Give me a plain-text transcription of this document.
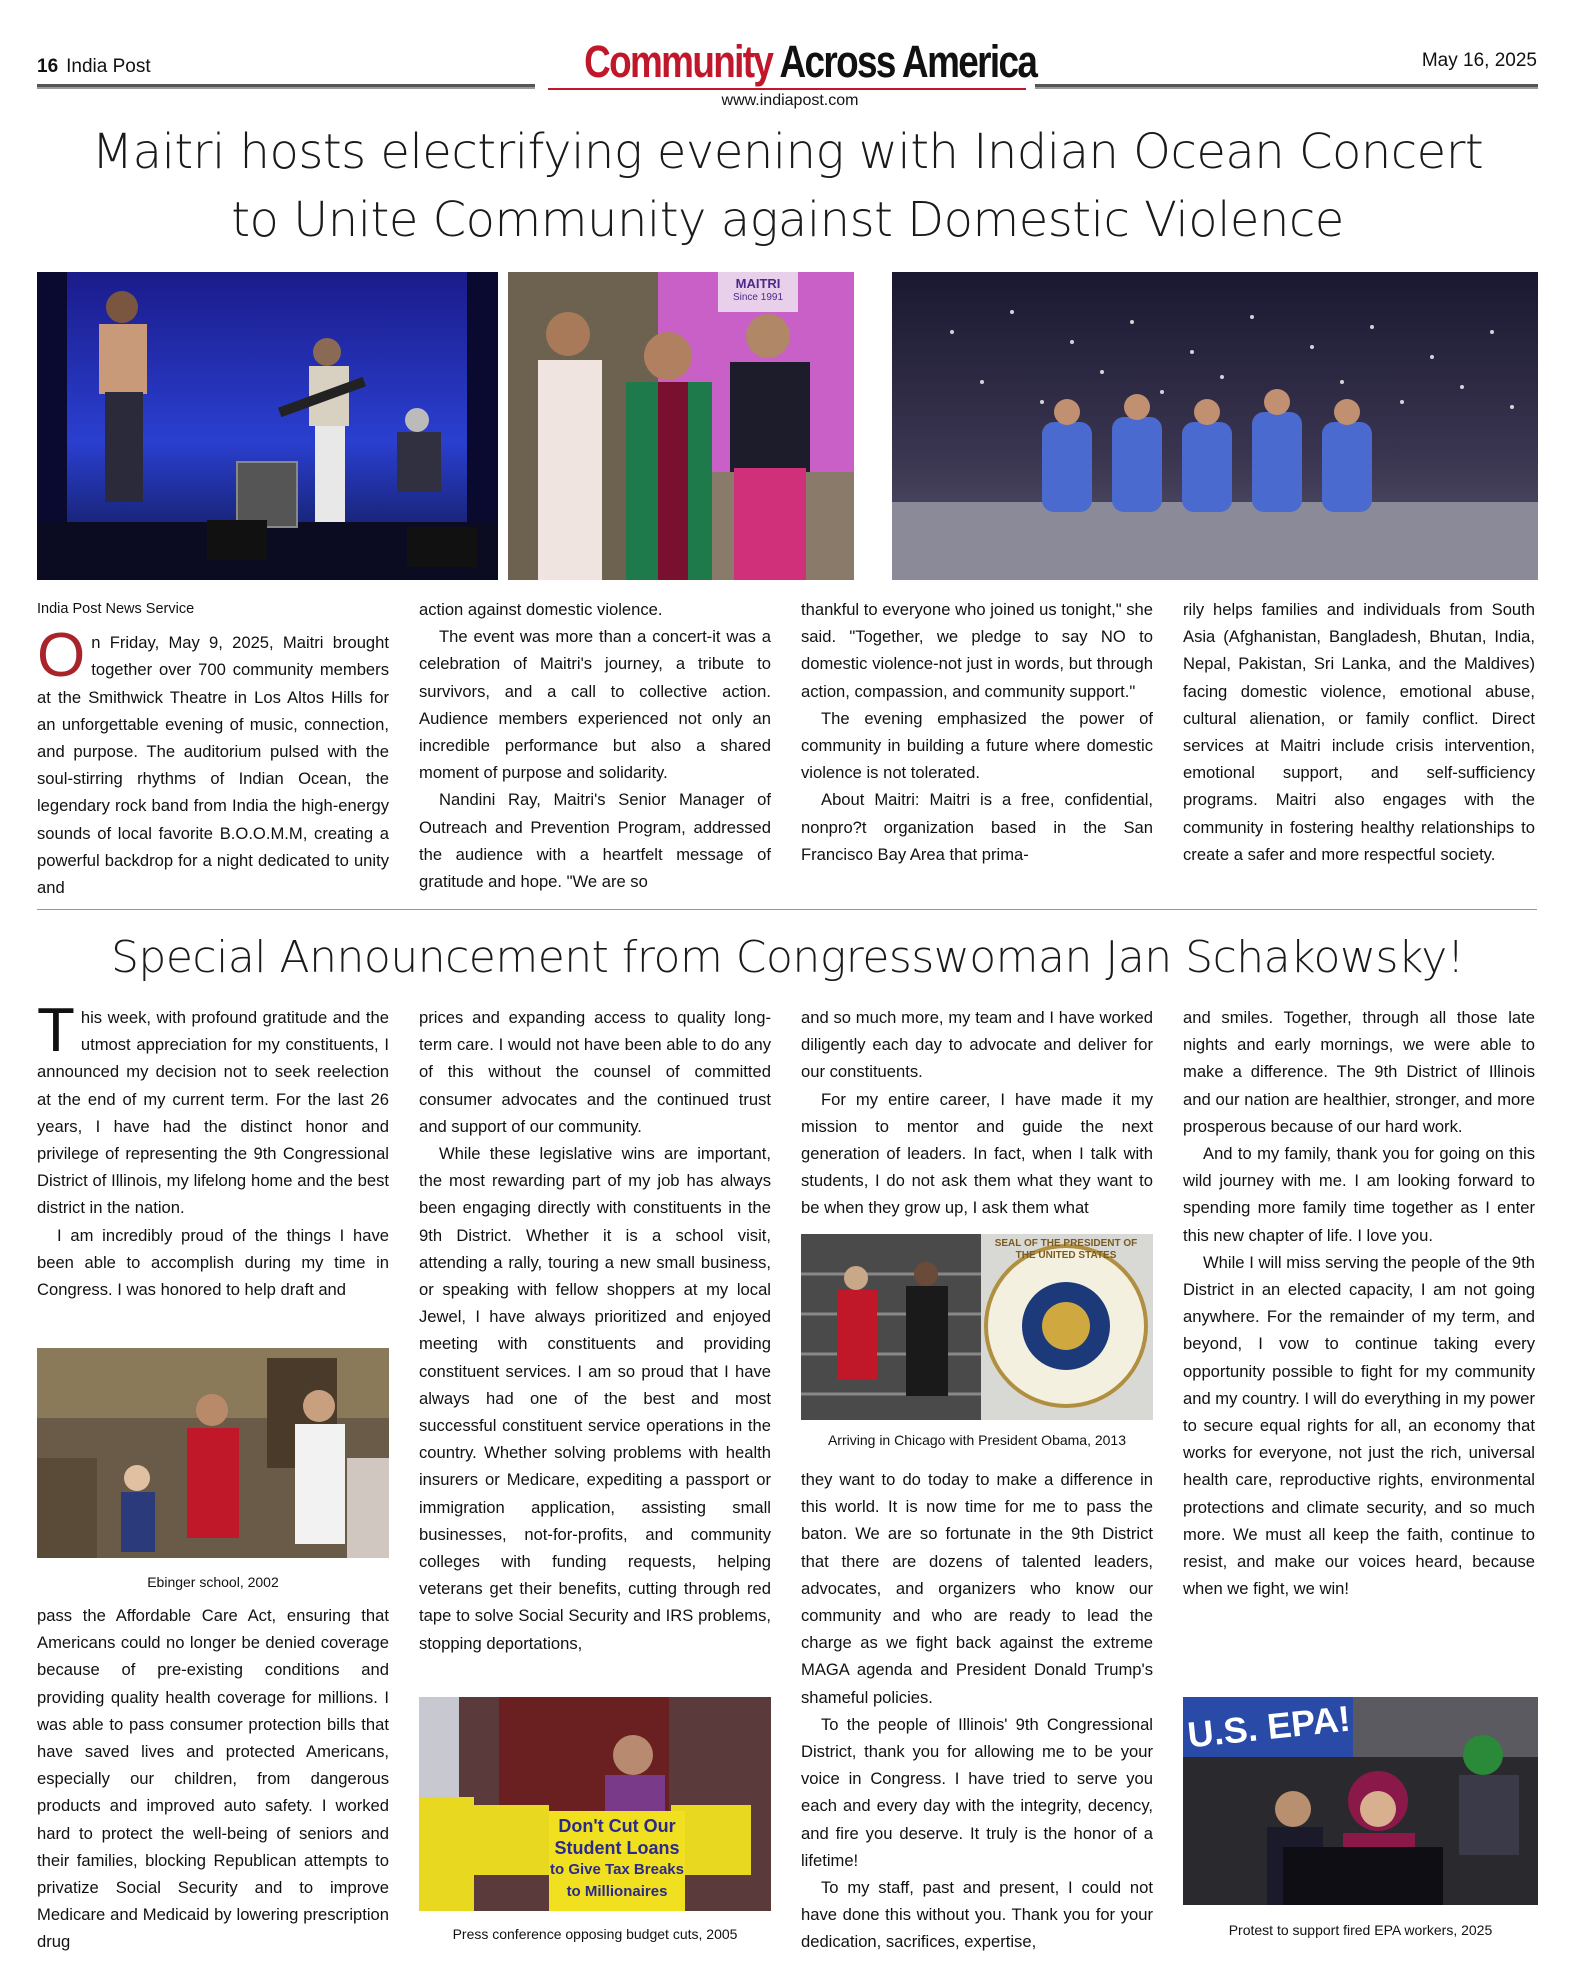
16 India Post	Community Across America
www.indiapost.com
May 16, 2025
Maitri hosts electrifying evening with Indian Ocean Concert
to Unite Community against Domestic Violence
MAITRI
Since 1991
India Post News Service

On Friday, May 9, 2025, Maitri brought together over 700 community members at the Smithwick Theatre in Los Altos Hills for an unforgettable evening of music, connection, and purpose. The auditorium pulsed with the soul-stirring rhythms of Indian Ocean, the legendary rock band from India the high-energy sounds of local favorite B.O.O.M.M, creating a powerful backdrop for a night dedicated to unity and

action against domestic violence.

The event was more than a concert-it was a celebration of Maitri's journey, a tribute to survivors, and a call to collective action. Audience members experienced not only an incredible performance but also a shared moment of purpose and solidarity.

Nandini Ray, Maitri's Senior Manager of Outreach and Prevention Program, addressed the audience with a heartfelt message of gratitude and hope. "We are so

thankful to everyone who joined us tonight," she said. "Together, we pledge to say NO to domestic violence-not just in words, but through action, compassion, and community support."

The evening emphasized the power of community in building a future where domestic violence is not tolerated.

About Maitri: Maitri is a free, confidential, nonpro?t organization based in the San Francisco Bay Area that prima-

rily helps families and individuals from South Asia (Afghanistan, Bangladesh, Bhutan, India, Nepal, Pakistan, Sri Lanka, and the Maldives) facing domestic violence, emotional abuse, cultural alienation, or family conflict. Direct services at Maitri include crisis intervention, emotional support, and self-sufficiency programs. Maitri also engages with the community in fostering healthy relationships to create a safer and more respectful society.

Special Announcement from Congresswoman Jan Schakowsky!

This week, with profound gratitude and the utmost appreciation for my constituents, I announced my decision not to seek reelection at the end of my current term. For the last 26 years, I have had the distinct honor and privilege of representing the 9th Congressional District of Illinois, my lifelong home and the best district in the nation.

I am incredibly proud of the things I have been able to accomplish during my time in Congress. I was honored to help draft and

Ebinger school, 2002

pass the Affordable Care Act, ensuring that Americans could no longer be denied coverage because of pre-existing conditions and providing quality health coverage for millions. I was able to pass consumer protection bills that have saved lives and protected Americans, especially our children, from dangerous products and improved auto safety. I worked hard to protect the well-being of seniors and their families, blocking Republican attempts to privatize Social Security and to improve Medicare and Medicaid by lowering prescription drug

prices and expanding access to quality long-term care. I would not have been able to do any of this without the counsel of committed consumer advocates and the continued trust and support of our community.

While these legislative wins are important, the most rewarding part of my job has always been engaging directly with constituents in the 9th District. Whether it is a school visit, attending a rally, touring a new small business, or speaking with fellow shoppers at my local Jewel, I have always prioritized and enjoyed meeting with constituents and providing constituent services. I am so proud that I have always had one of the best and most successful constituent service operations in the country. Whether solving problems with health insurers or Medicare, expediting a passport or immigration application, assisting small businesses, not-for-profits, and community colleges with funding requests, helping veterans get their benefits, cutting through red tape to solve Social Security and IRS problems, stopping deportations,

Don't Cut Our
Student Loans
to Give Tax Breaks
to Millionaires
Press conference opposing budget cuts, 2005

and so much more, my team and I have worked diligently each day to advocate and deliver for our constituents.

For my entire career, I have made it my mission to mentor and guide the next generation of leaders. In fact, when I talk with students, I do not ask them what they want to be when they grow up, I ask them what

SEAL OF THE PRESIDENT OF THE UNITED STATES
Arriving in Chicago with President Obama, 2013

they want to do today to make a difference in this world. It is now time for me to pass the baton. We are so fortunate in the 9th District that there are dozens of talented leaders, advocates, and organizers who know our community and who are ready to lead the charge as we fight back against the extreme MAGA agenda and President Donald Trump's shameful policies.

To the people of Illinois' 9th Congressional District, thank you for allowing me to be your voice in Congress. I have tried to serve you each and every day with the integrity, decency, and fire you deserve. It truly is the honor of a lifetime!

To my staff, past and present, I could not have done this without you. Thank you for your dedication, sacrifices, expertise,

and smiles. Together, through all those late nights and early mornings, we were able to make a difference. The 9th District of Illinois and our nation are healthier, stronger, and more prosperous because of our hard work.

And to my family, thank you for going on this wild journey with me. I am looking forward to spending more family time together as I enter this new chapter of life. I love you.

While I will miss serving the people of the 9th District in an elected capacity, I am not going anywhere. For the remainder of my term, and beyond, I vow to continue taking every opportunity possible to fight for my community and my country. I will do everything in my power to secure equal rights for all, an economy that works for everyone, not just the rich, universal health care, reproductive rights, environmental protections and climate security, and so much more. We must all keep the faith, continue to resist, and make our voices heard, because when we fight, we win!

U.S. EPA!
Protest to support fired EPA workers, 2025
